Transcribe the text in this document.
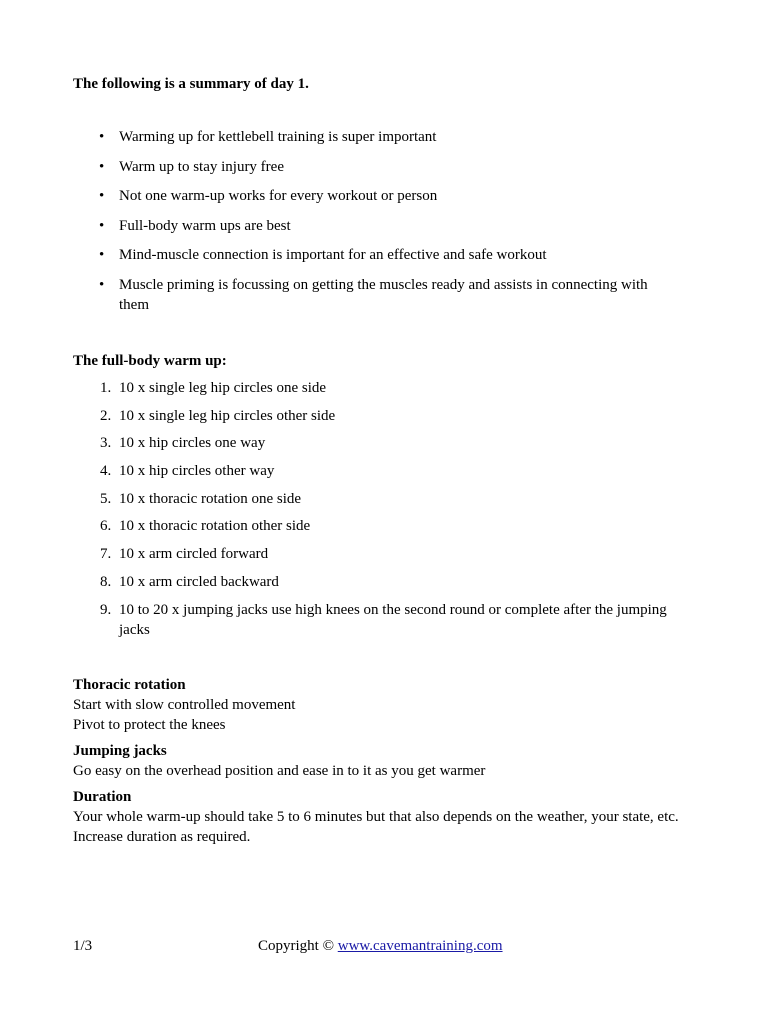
The following is a summary of day 1.

• Warming up for kettlebell training is super important
• Warm up to stay injury free
• Not one warm-up works for every workout or person
• Full-body warm ups are best
• Mind-muscle connection is important for an effective and safe workout
• Muscle priming is focussing on getting the muscles ready and assists in connecting with them

The full-body warm up:

1. 10 x single leg hip circles one side
2. 10 x single leg hip circles other side
3. 10 x hip circles one way
4. 10 x hip circles other way
5. 10 x thoracic rotation one side
6. 10 x thoracic rotation other side
7. 10 x arm circled forward
8. 10 x arm circled backward
9. 10 to 20 x jumping jacks use high knees on the second round or complete after the jumping jacks

Thoracic rotation

Start with slow controlled movement

Pivot to protect the knees

Jumping jacks

Go easy on the overhead position and ease in to it as you get warmer

Duration

Your whole warm-up should take 5 to 6 minutes but that also depends on the weather, your state, etc. Increase duration as required.

1/3	Copyright © www.cavemantraining.com
